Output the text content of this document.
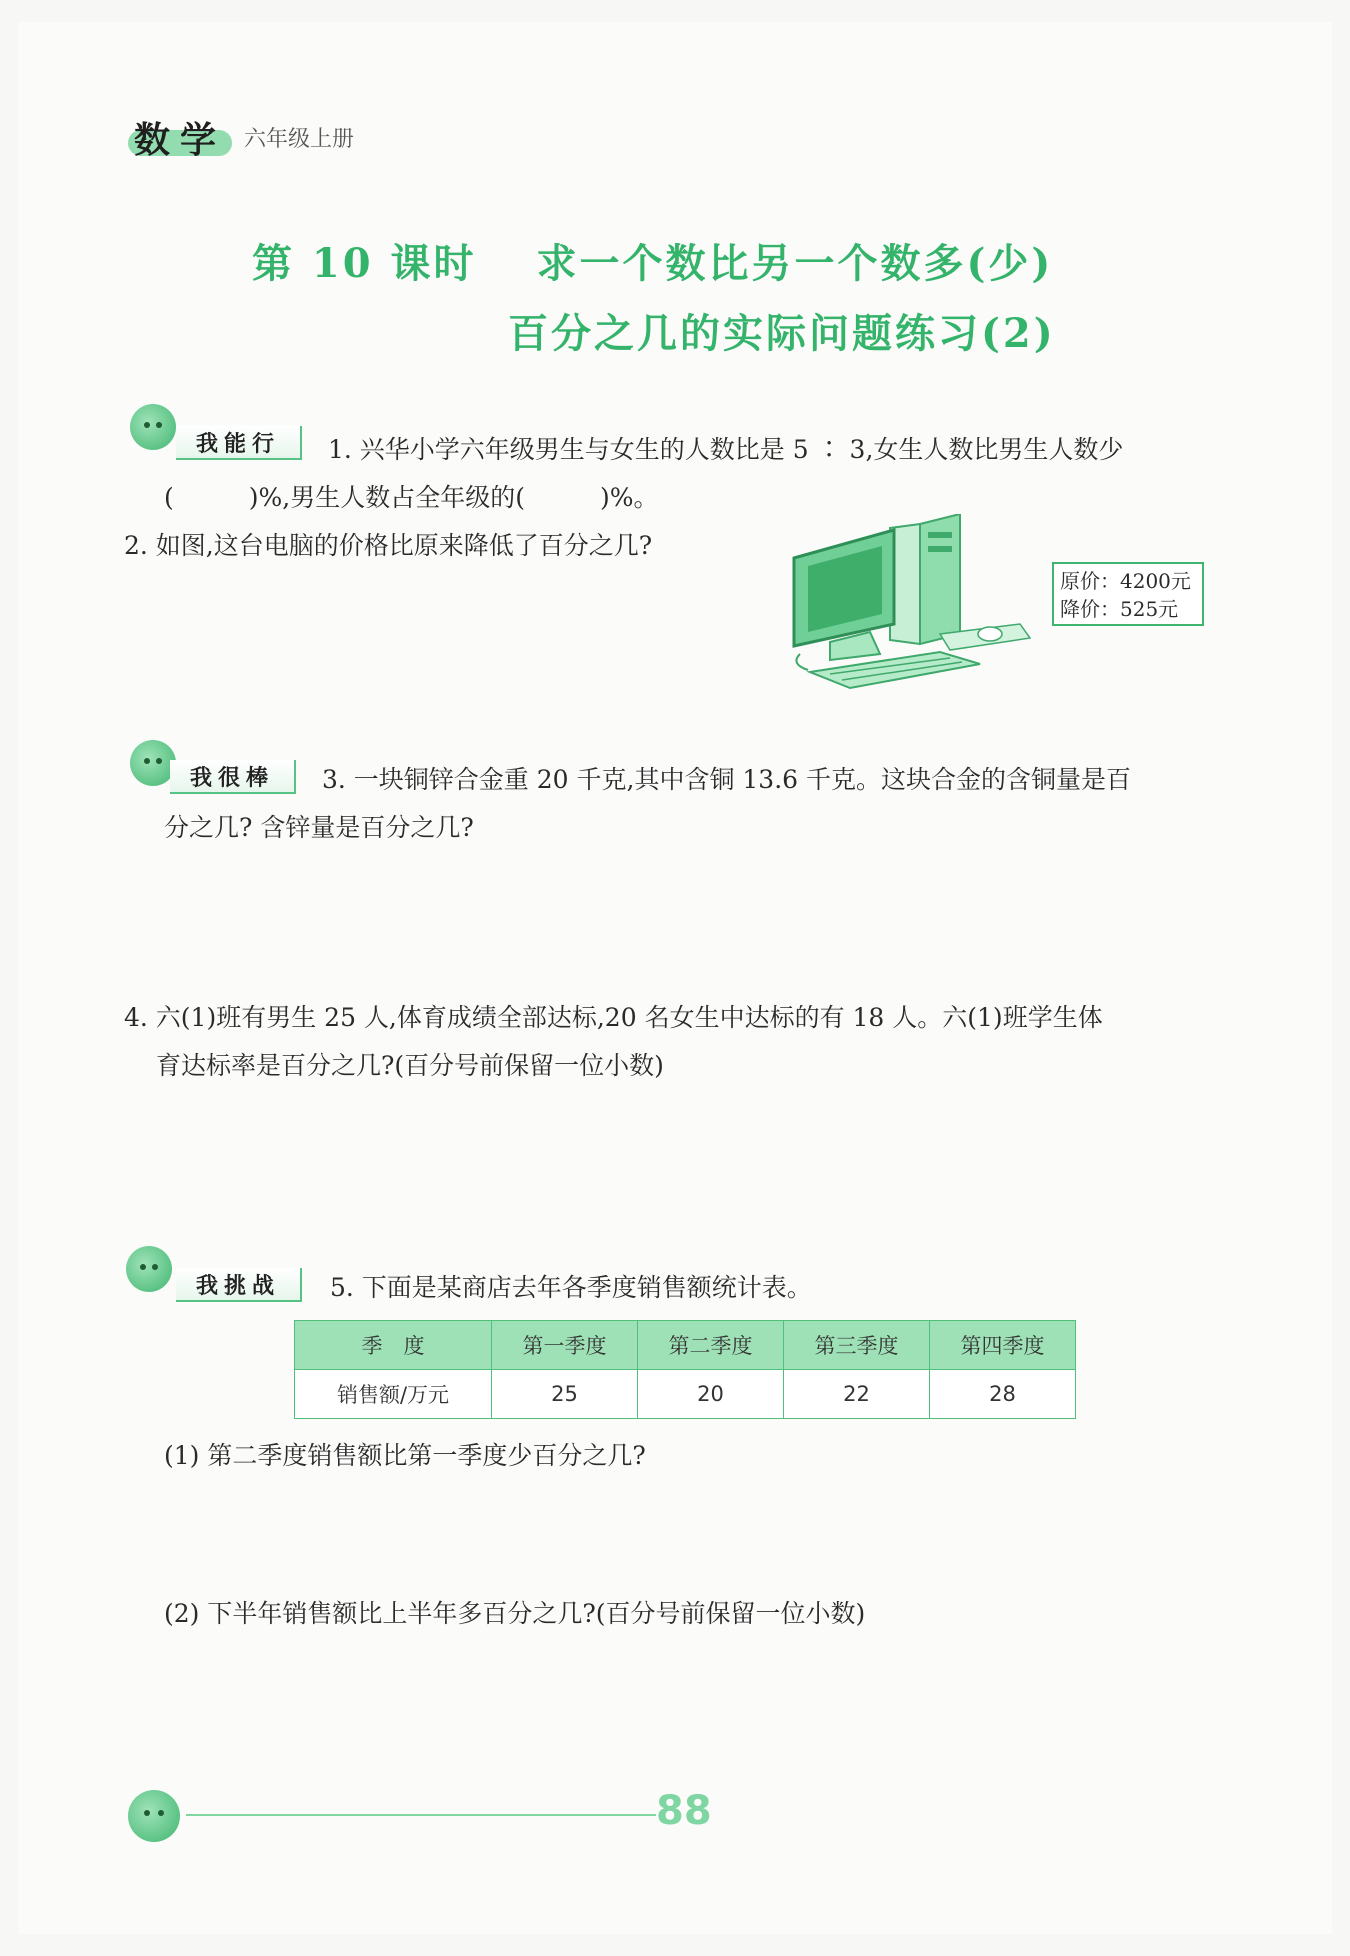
数学 六年级上册
第 10 课时　 求一个数比另一个数多(少)
百分之几的实际问题练习(2)
我能行	1. 兴华小学六年级男生与女生的人数比是 5 ∶ 3,女生人数比男生人数少
(　　　)%,男生人数占全年级的(　　　)%。
2. 如图,这台电脑的价格比原来降低了百分之几?
原价：4200元
降价：525元
我很棒	3. 一块铜锌合金重 20 千克,其中含铜 13.6 千克。这块合金的含铜量是百
分之几? 含锌量是百分之几?
4. 六(1)班有男生 25 人,体育成绩全部达标,20 名女生中达标的有 18 人。六(1)班学生体
育达标率是百分之几?(百分号前保留一位小数)
我挑战	5. 下面是某商店去年各季度销售额统计表。
季　度	第一季度	第二季度	第三季度	第四季度
销售额/万元	25	20	22	28
(1) 第二季度销售额比第一季度少百分之几?
(2) 下半年销售额比上半年多百分之几?(百分号前保留一位小数)
88
